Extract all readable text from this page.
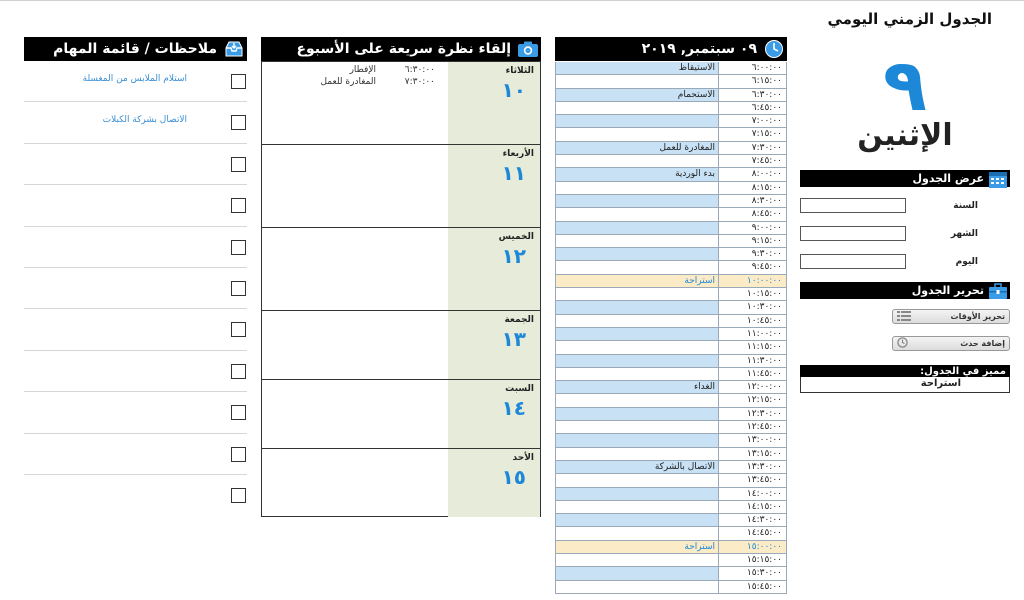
الجدول الزمني اليومي
ملاحظات / قائمة المهام
استلام الملابس من المغسلة
الاتصال بشركة الكبلات
إلقاء نظرة سريعة على الأسبوع
الثلاثاء
١٠
الإفطار	٦:٣٠:٠٠
المغادرة للعمل	٧:٣٠:٠٠
الأربعاء
١١
الخميس
١٢
الجمعة
١٣
السبت
١٤
الأحد
١٥
٠٩ سبتمبر, ٢٠١٩
الاستيقاظ	٦:٠٠:٠٠
٦:١٥:٠٠
الاستحمام	٦:٣٠:٠٠
٦:٤٥:٠٠
٧:٠٠:٠٠
٧:١٥:٠٠
المغادرة للعمل	٧:٣٠:٠٠
٧:٤٥:٠٠
بدء الوردية	٨:٠٠:٠٠
٨:١٥:٠٠
٨:٣٠:٠٠
٨:٤٥:٠٠
٩:٠٠:٠٠
٩:١٥:٠٠
٩:٣٠:٠٠
٩:٤٥:٠٠
استراحة	١٠:٠٠:٠٠
١٠:١٥:٠٠
١٠:٣٠:٠٠
١٠:٤٥:٠٠
١١:٠٠:٠٠
١١:١٥:٠٠
١١:٣٠:٠٠
١١:٤٥:٠٠
الغداء	١٢:٠٠:٠٠
١٢:١٥:٠٠
١٢:٣٠:٠٠
١٢:٤٥:٠٠
١٣:٠٠:٠٠
١٣:١٥:٠٠
الاتصال بالشركة	١٣:٣٠:٠٠
١٣:٤٥:٠٠
١٤:٠٠:٠٠
١٤:١٥:٠٠
١٤:٣٠:٠٠
١٤:٤٥:٠٠
استراحة	١٥:٠٠:٠٠
١٥:١٥:٠٠
١٥:٣٠:٠٠
١٥:٤٥:٠٠
٩
الإثنين
عرض الجدول
السنة
الشهر
اليوم
تحرير الجدول
تحرير الأوقات
إضافة حدث
مميز في الجدول:
استراحة
